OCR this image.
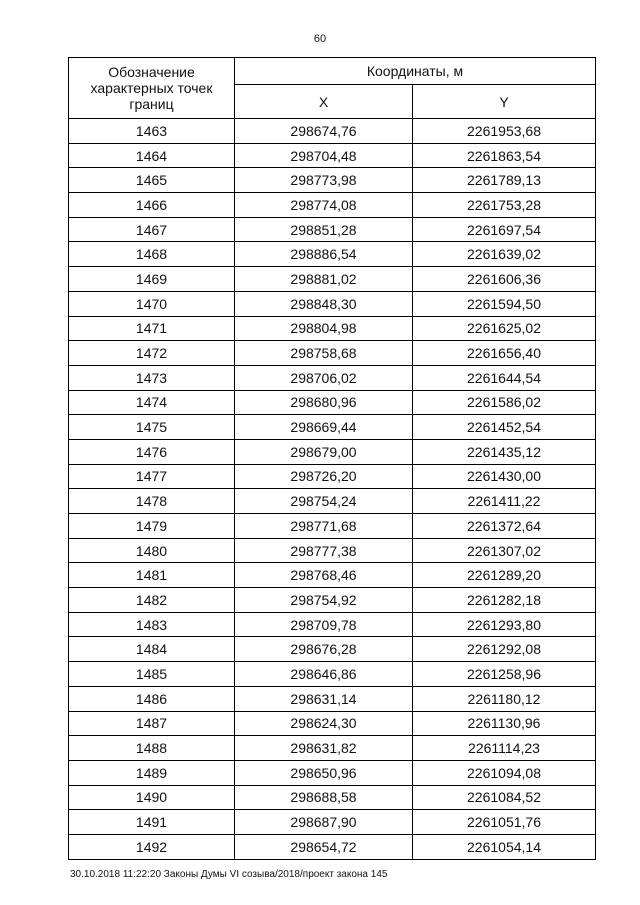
60
Обозначение характерных точек границ	Координаты, м	
	X	Y
1463	298674,76	2261953,68
1464	298704,48	2261863,54
1465	298773,98	2261789,13
1466	298774,08	2261753,28
1467	298851,28	2261697,54
1468	298886,54	2261639,02
1469	298881,02	2261606,36
1470	298848,30	2261594,50
1471	298804,98	2261625,02
1472	298758,68	2261656,40
1473	298706,02	2261644,54
1474	298680,96	2261586,02
1475	298669,44	2261452,54
1476	298679,00	2261435,12
1477	298726,20	2261430,00
1478	298754,24	2261411,22
1479	298771,68	2261372,64
1480	298777,38	2261307,02
1481	298768,46	2261289,20
1482	298754,92	2261282,18
1483	298709,78	2261293,80
1484	298676,28	2261292,08
1485	298646,86	2261258,96
1486	298631,14	2261180,12
1487	298624,30	2261130,96
1488	298631,82	2261114,23
1489	298650,96	2261094,08
1490	298688,58	2261084,52
1491	298687,90	2261051,76
1492	298654,72	2261054,14
30.10.2018 11:22:20 Законы Думы VI созыва/2018/проект закона 145
